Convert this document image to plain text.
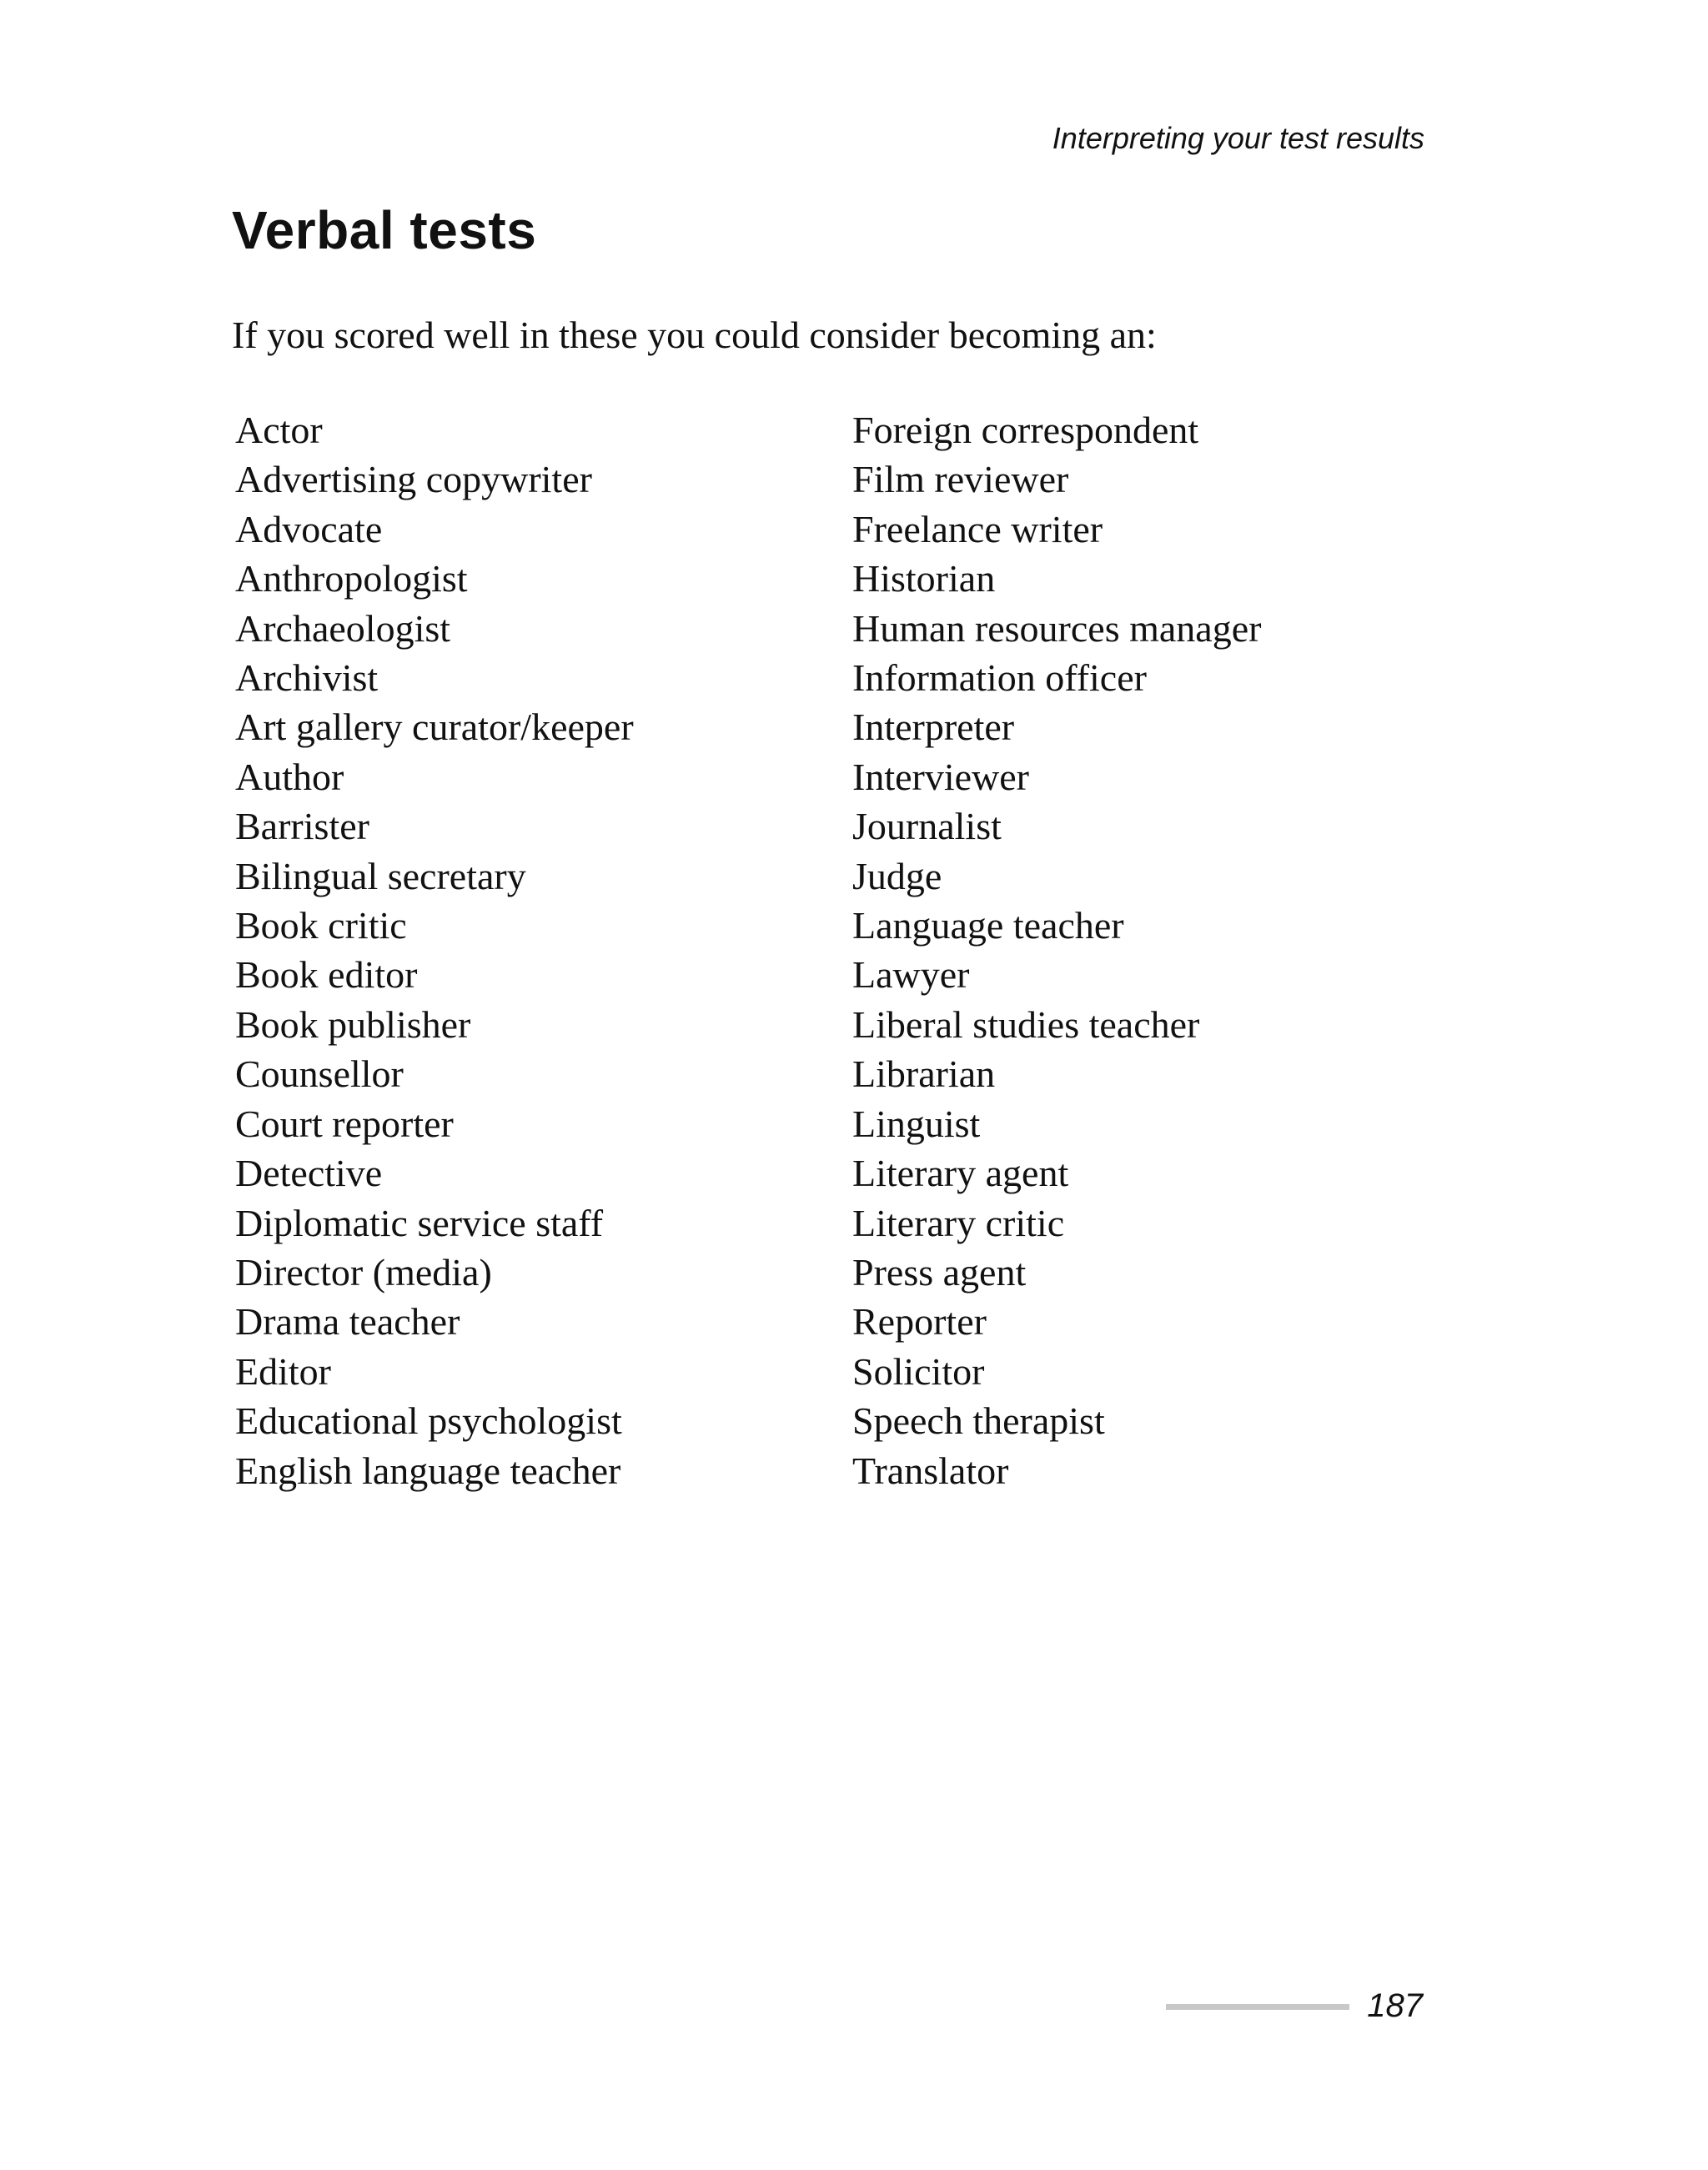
Interpreting your test results

Verbal tests

If you scored well in these you could consider becoming an:

Actor
Advertising copywriter
Advocate
Anthropologist
Archaeologist
Archivist
Art gallery curator/keeper
Author
Barrister
Bilingual secretary
Book critic
Book editor
Book publisher
Counsellor
Court reporter
Detective
Diplomatic service staff
Director (media)
Drama teacher
Editor
Educational psychologist
English language teacher
Foreign correspondent
Film reviewer
Freelance writer
Historian
Human resources manager
Information officer
Interpreter
Interviewer
Journalist
Judge
Language teacher
Lawyer
Liberal studies teacher
Librarian
Linguist
Literary agent
Literary critic
Press agent
Reporter
Solicitor
Speech therapist
Translator

187
